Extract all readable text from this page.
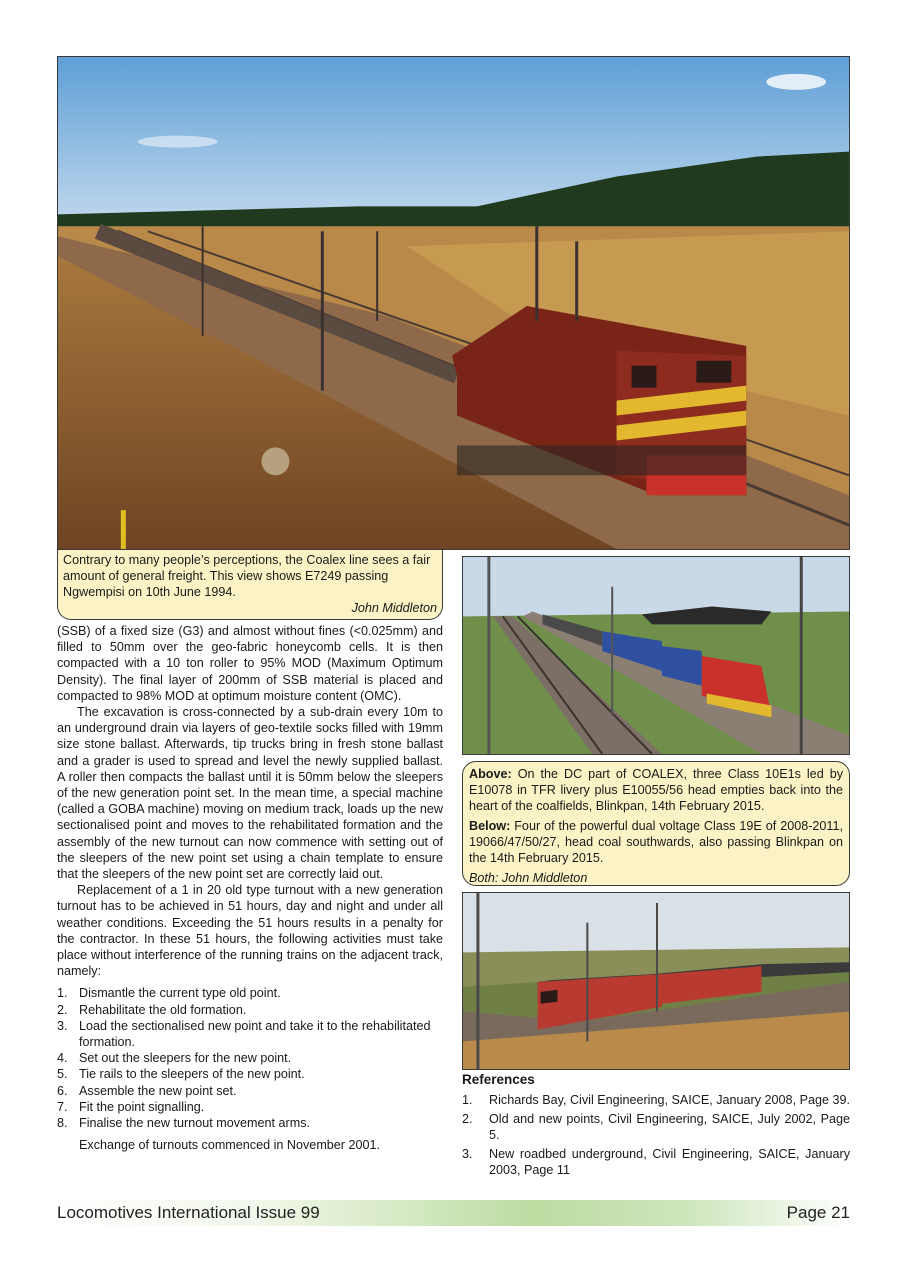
Contrary to many people’s perceptions, the Coalex line sees a fair amount of general freight. This view shows E7249 passing Ngwempisi on 10th June 1994.

John Middleton

(SSB) of a fixed size (G3) and almost without fines (<0.025mm) and filled to 50mm over the geo-fabric honeycomb cells. It is then compacted with a 10 ton roller to 95% MOD (Maximum Optimum Density). The final layer of 200mm of SSB material is placed and compacted to 98% MOD at optimum moisture content (OMC).

The excavation is cross-connected by a sub-drain every 10m to an underground drain via layers of geo-textile socks filled with 19mm size stone ballast. Afterwards, tip trucks bring in fresh stone ballast and a grader is used to spread and level the newly supplied ballast. A roller then compacts the ballast until it is 50mm below the sleepers of the new generation point set. In the mean time, a special machine (called a GOBA machine) moving on medium track, loads up the new sectionalised point and moves to the rehabilitated formation and the assembly of the new turnout can now commence with setting out of the sleepers of the new point set using a chain template to ensure that the sleepers of the new point set are correctly laid out.

Replacement of a 1 in 20 old type turnout with a new generation turnout has to be achieved in 51 hours, day and night and under all weather conditions. Exceeding the 51 hours results in a penalty for the contractor. In these 51 hours, the following activities must take place without interference of the running trains on the adjacent track, namely:

1. Dismantle the current type old point.
2. Rehabilitate the old formation.
3. Load the sectionalised new point and take it to the rehabilitated formation.
4. Set out the sleepers for the new point.
5. Tie rails to the sleepers of the new point.
6. Assemble the new point set.
7. Fit the point signalling.
8. Finalise the new turnout movement arms.

Exchange of turnouts commenced in November 2001.

Above: On the DC part of COALEX, three Class 10E1s led by E10078 in TFR livery plus E10055/56 head empties back into the heart of the coalfields, Blinkpan, 14th February 2015.

Below: Four of the powerful dual voltage Class 19E of 2008-2011, 19066/47/50/27, head coal southwards, also passing Blinkpan on the 14th February 2015.

Both: John Middleton

References
1. Richards Bay, Civil Engineering, SAICE, January 2008, Page 39.
2. Old and new points, Civil Engineering, SAICE, July 2002, Page 5.
3. New roadbed underground, Civil Engineering, SAICE, January 2003, Page 11
Locomotives International Issue 99	Page 21
